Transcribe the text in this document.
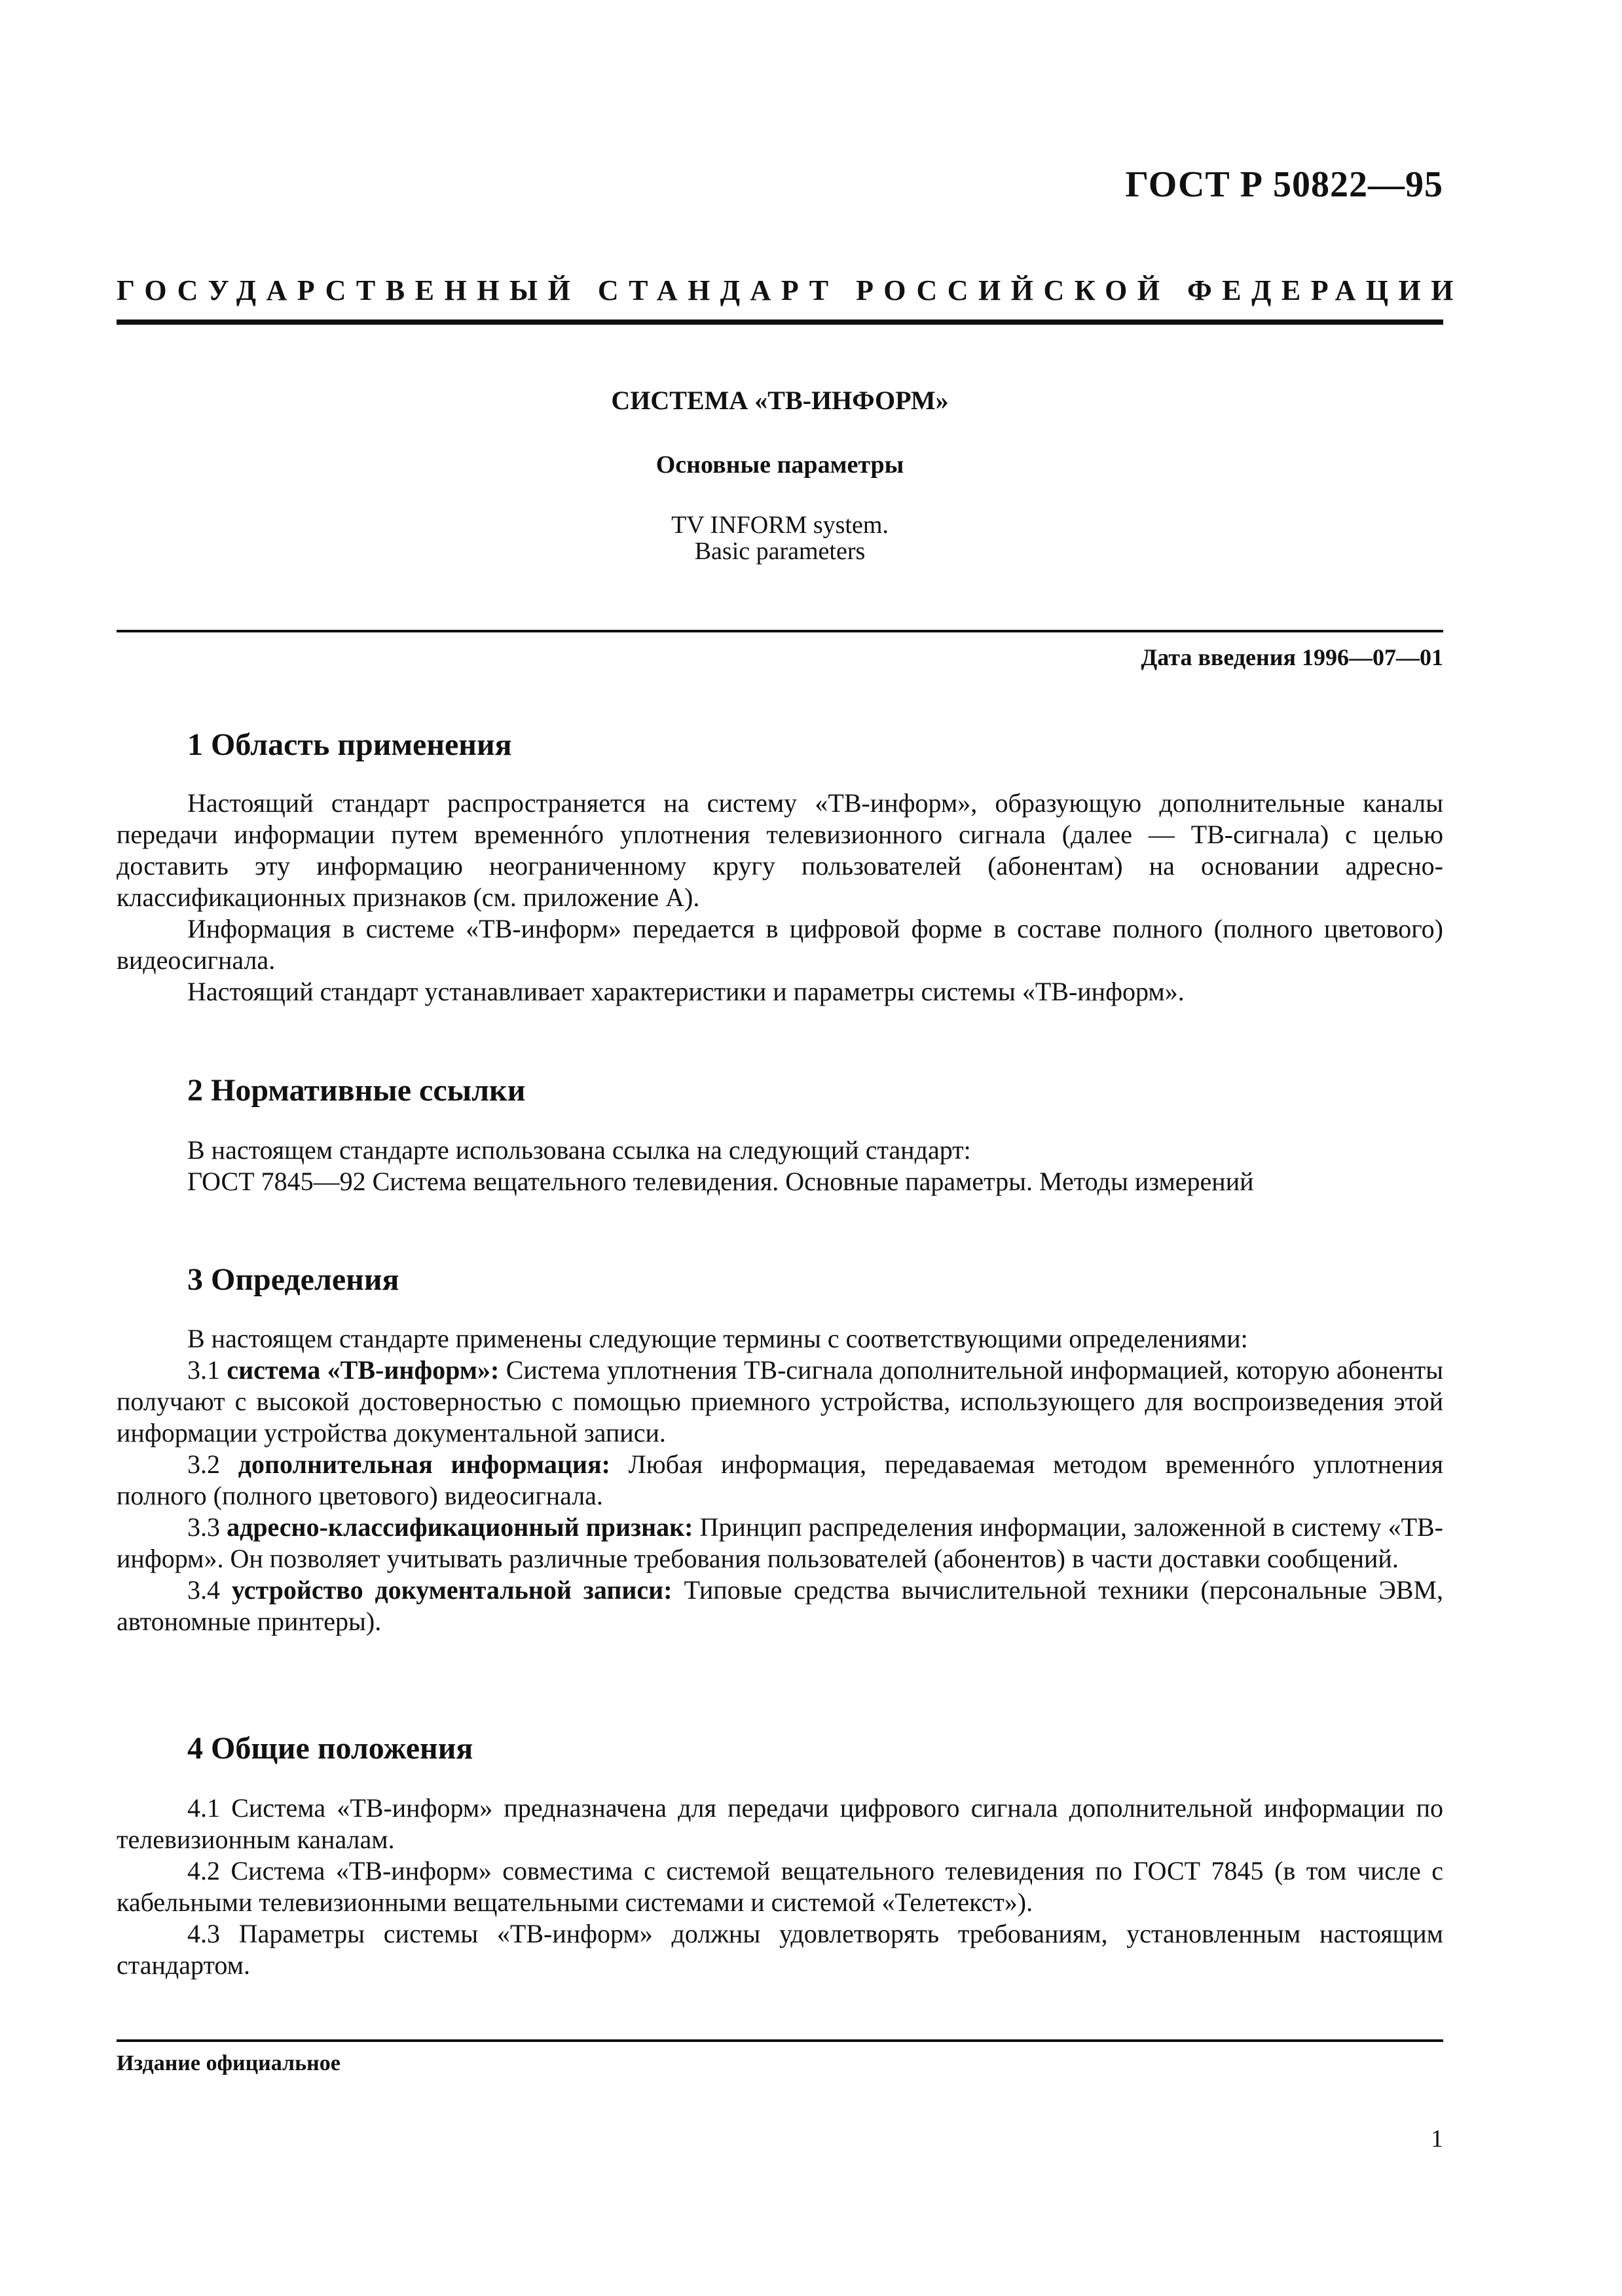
ГОСТ Р 50822—95
ГОСУДАРСТВЕННЫЙ СТАНДАРТ РОССИЙСКОЙ ФЕДЕРАЦИИ
СИСТЕМА «ТВ-ИНФОРМ»
Основные параметры
TV INFORM system.
Basic parameters
Дата введения 1996—07—01
1 Область применения

Настоящий стандарт распространяется на систему «ТВ-информ», образующую дополнительные каналы передачи информации путем временнóго уплотнения телевизионного сигнала (далее — ТВ-сигнала) с целью доставить эту информацию неограниченному кругу пользователей (абонентам) на основании адресно-классификационных признаков (см. приложение А).

Информация в системе «ТВ-информ» передается в цифровой форме в составе полного (полного цветового) видеосигнала.

Настоящий стандарт устанавливает характеристики и параметры системы «ТВ-информ».

2 Нормативные ссылки

В настоящем стандарте использована ссылка на следующий стандарт:

ГОСТ 7845—92 Система вещательного телевидения. Основные параметры. Методы измерений

3 Определения

В настоящем стандарте применены следующие термины с соответствующими определениями:

3.1 система «ТВ-информ»: Система уплотнения ТВ-сигнала дополнительной информацией, которую абоненты получают с высокой достоверностью с помощью приемного устройства, использующего для воспроизведения этой информации устройства документальной записи.

3.2 дополнительная информация: Любая информация, передаваемая методом временнóго уплотнения полного (полного цветового) видеосигнала.

3.3 адресно-классификационный признак: Принцип распределения информации, заложенной в систему «ТВ-информ». Он позволяет учитывать различные требования пользователей (абонентов) в части доставки сообщений.

3.4 устройство документальной записи: Типовые средства вычислительной техники (персональные ЭВМ, автономные принтеры).

4 Общие положения

4.1 Система «ТВ-информ» предназначена для передачи цифрового сигнала дополнительной информации по телевизионным каналам.

4.2 Система «ТВ-информ» совместима с системой вещательного телевидения по ГОСТ 7845 (в том числе с кабельными телевизионными вещательными системами и системой «Телетекст»).

4.3 Параметры системы «ТВ-информ» должны удовлетворять требованиям, установленным настоящим стандартом.

Издание официальное
1
